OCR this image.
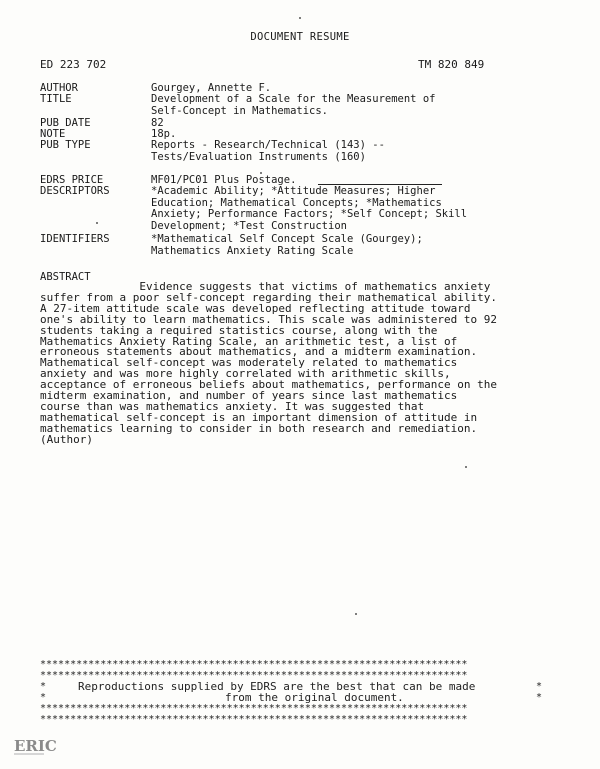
DOCUMENT RESUME
ED 223 702	TM 820 849
AUTHOR	Gourgey, Annette F.
TITLE	Development of a Scale for the Measurement of
Self-Concept in Mathematics.
PUB DATE	82
NOTE	18p.
PUB TYPE	Reports - Research/Technical (143) --
Tests/Evaluation Instruments (160)
EDRS PRICE	MF01/PC01 Plus Postage.
DESCRIPTORS	*Academic Ability; *Attitude Measures; Higher
Education; Mathematical Concepts; *Mathematics
Anxiety; Performance Factors; *Self Concept; Skill
Development; *Test Construction
IDENTIFIERS	*Mathematical Self Concept Scale (Gourgey);
Mathematics Anxiety Rating Scale
ABSTRACT
Evidence suggests that victims of mathematics anxiety
suffer from a poor self-concept regarding their mathematical ability.
A 27-item attitude scale was developed reflecting attitude toward
one's ability to learn mathematics. This scale was administered to 92
students taking a required statistics course, along with the
Mathematics Anxiety Rating Scale, an arithmetic test, a list of
erroneous statements about mathematics, and a midterm examination.
Mathematical self-concept was moderately related to mathematics
anxiety and was more highly correlated with arithmetic skills,
acceptance of erroneous beliefs about mathematics, performance on the
midterm examination, and number of years since last mathematics
course than was mathematics anxiety. It was suggested that
mathematical self-concept is an important dimension of attitude in
mathematics learning to consider in both research and remediation.
(Author)
***********************************************************************
***********************************************************************
*	Reproductions supplied by EDRS are the best that can be made	*
*	from the original document.	*
***********************************************************************
***********************************************************************
ERIC
